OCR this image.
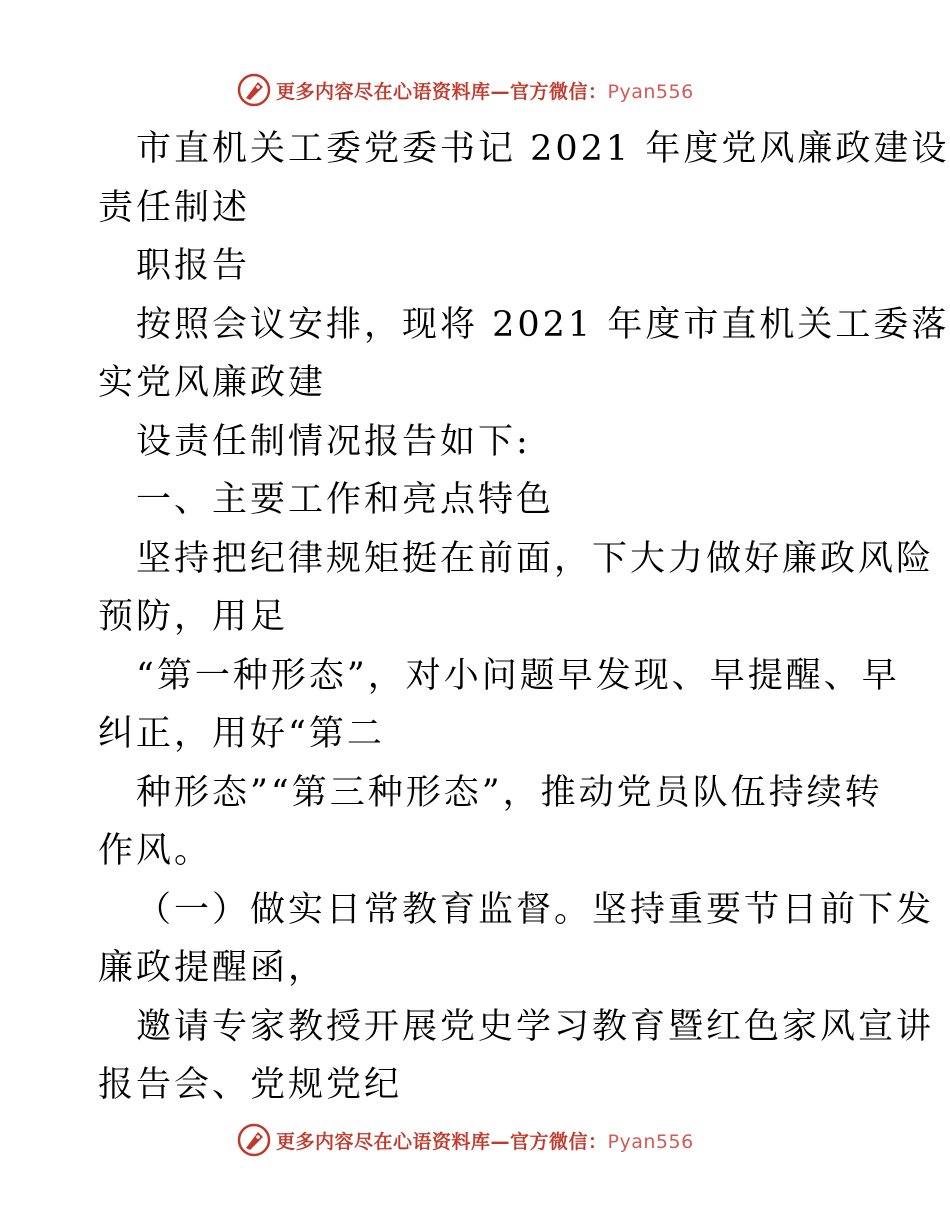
更多内容尽在心语资料库—官方微信：Pyan556
市直机关工委党委书记 2021 年度党风廉政建设
责任制述
职报告
按照会议安排，现将 2021 年度市直机关工委落
实党风廉政建
设责任制情况报告如下:
一、主要工作和亮点特色
坚持把纪律规矩挺在前面，下大力做好廉政风险
预防，用足
“第一种形态”，对小问题早发现、早提醒、早
纠正，用好“第二
种形态”“第三种形态”，推动党员队伍持续转
作风。
（一）做实日常教育监督。坚持重要节日前下发
廉政提醒函，
邀请专家教授开展党史学习教育暨红色家风宣讲
报告会、党规党纪
更多内容尽在心语资料库—官方微信：Pyan556
